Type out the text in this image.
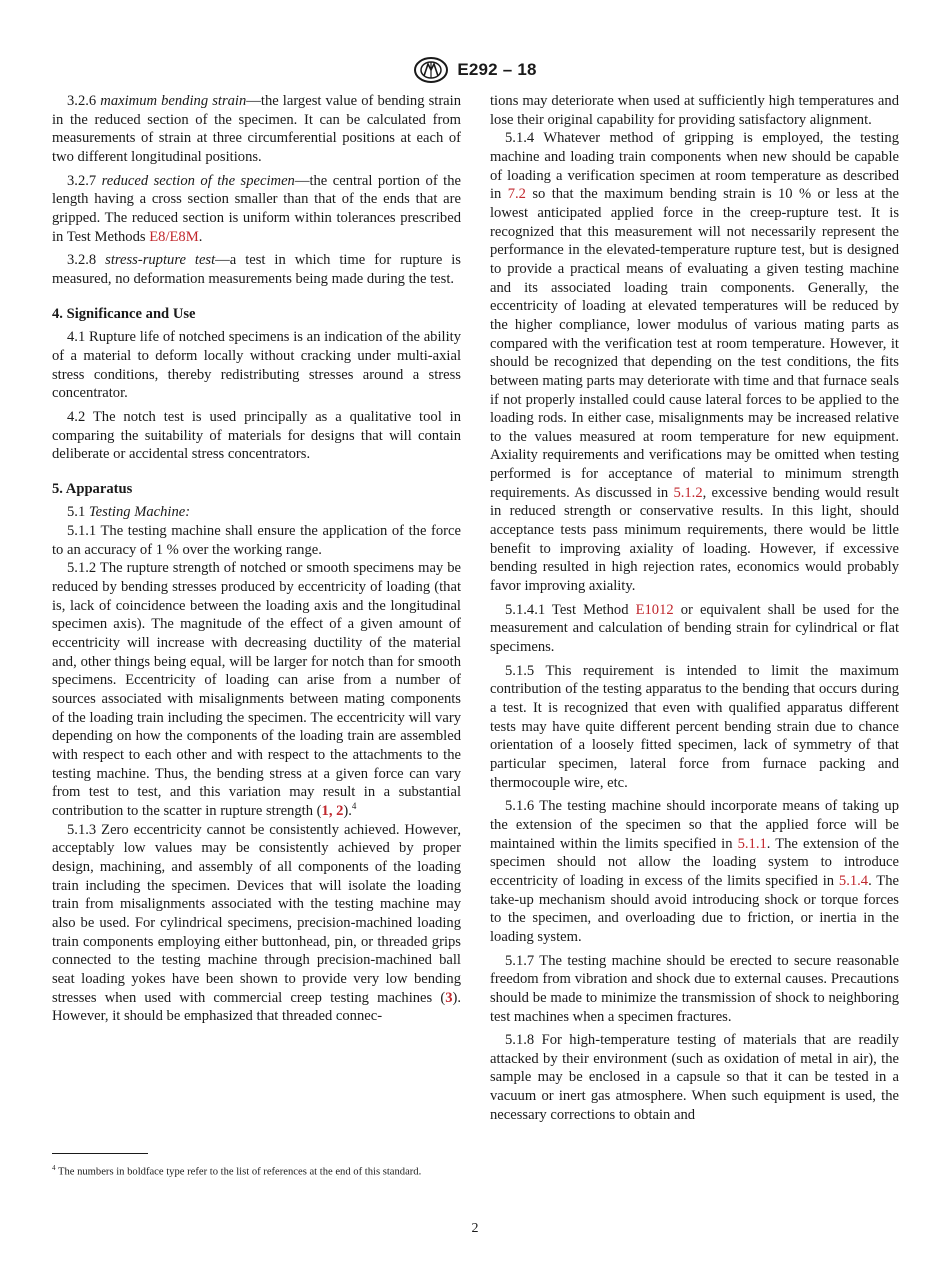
E292 – 18

3.2.6 maximum bending strain—the largest value of bending strain in the reduced section of the specimen. It can be calculated from measurements of strain at three circumferential positions at each of two different longitudinal positions.

3.2.7 reduced section of the specimen—the central portion of the length having a cross section smaller than that of the ends that are gripped. The reduced section is uniform within tolerances prescribed in Test Methods E8/E8M.

3.2.8 stress-rupture test—a test in which time for rupture is measured, no deformation measurements being made during the test.

4. Significance and Use

4.1 Rupture life of notched specimens is an indication of the ability of a material to deform locally without cracking under multi-axial stress conditions, thereby redistributing stresses around a stress concentrator.

4.2 The notch test is used principally as a qualitative tool in comparing the suitability of materials for designs that will contain deliberate or accidental stress concentrators.

5. Apparatus

5.1 Testing Machine:

5.1.1 The testing machine shall ensure the application of the force to an accuracy of 1 % over the working range.

5.1.2 The rupture strength of notched or smooth specimens may be reduced by bending stresses produced by eccentricity of loading (that is, lack of coincidence between the loading axis and the longitudinal specimen axis). The magnitude of the effect of a given amount of eccentricity will increase with decreasing ductility of the material and, other things being equal, will be larger for notch than for smooth specimens. Eccentricity of loading can arise from a number of sources associated with misalignments between mating components of the loading train including the specimen. The eccentricity will vary depending on how the components of the loading train are assembled with respect to each other and with respect to the attachments to the testing machine. Thus, the bending stress at a given force can vary from test to test, and this variation may result in a substantial contribution to the scatter in rupture strength (1, 2).$^4$

5.1.3 Zero eccentricity cannot be consistently achieved. However, acceptably low values may be consistently achieved by proper design, machining, and assembly of all components of the loading train including the specimen. Devices that will isolate the loading train from misalignments associated with the testing machine may also be used. For cylindrical specimens, precision-machined loading train components employing either buttonhead, pin, or threaded grips connected to the testing machine through precision-machined ball seat loading yokes have been shown to provide very low bending stresses when used with commercial creep testing machines (3). However, it should be emphasized that threaded connec-

tions may deteriorate when used at sufficiently high temperatures and lose their original capability for providing satisfactory alignment.

5.1.4 Whatever method of gripping is employed, the testing machine and loading train components when new should be capable of loading a verification specimen at room temperature as described in 7.2 so that the maximum bending strain is 10 % or less at the lowest anticipated applied force in the creep-rupture test. It is recognized that this measurement will not necessarily represent the performance in the elevated-temperature rupture test, but is designed to provide a practical means of evaluating a given testing machine and its associated loading train components. Generally, the eccentricity of loading at elevated temperatures will be reduced by the higher compliance, lower modulus of various mating parts as compared with the verification test at room temperature. However, it should be recognized that depending on the test conditions, the fits between mating parts may deteriorate with time and that furnace seals if not properly installed could cause lateral forces to be applied to the loading rods. In either case, misalignments may be increased relative to the values measured at room temperature for new equipment. Axiality requirements and verifications may be omitted when testing performed is for acceptance of material to minimum strength requirements. As discussed in 5.1.2, excessive bending would result in reduced strength or conservative results. In this light, should acceptance tests pass minimum requirements, there would be little benefit to improving axiality of loading. However, if excessive bending resulted in high rejection rates, economics would probably favor improving axiality.

5.1.4.1 Test Method E1012 or equivalent shall be used for the measurement and calculation of bending strain for cylindrical or flat specimens.

5.1.5 This requirement is intended to limit the maximum contribution of the testing apparatus to the bending that occurs during a test. It is recognized that even with qualified apparatus different tests may have quite different percent bending strain due to chance orientation of a loosely fitted specimen, lack of symmetry of that particular specimen, lateral force from furnace packing and thermocouple wire, etc.

5.1.6 The testing machine should incorporate means of taking up the extension of the specimen so that the applied force will be maintained within the limits specified in 5.1.1. The extension of the specimen should not allow the loading system to introduce eccentricity of loading in excess of the limits specified in 5.1.4. The take-up mechanism should avoid introducing shock or torque forces to the specimen, and overloading due to friction, or inertia in the loading system.

5.1.7 The testing machine should be erected to secure reasonable freedom from vibration and shock due to external causes. Precautions should be made to minimize the transmission of shock to neighboring test machines when a specimen fractures.

5.1.8 For high-temperature testing of materials that are readily attacked by their environment (such as oxidation of metal in air), the sample may be enclosed in a capsule so that it can be tested in a vacuum or inert gas atmosphere. When such equipment is used, the necessary corrections to obtain and

$^4$ The numbers in boldface type refer to the list of references at the end of this standard.
2
